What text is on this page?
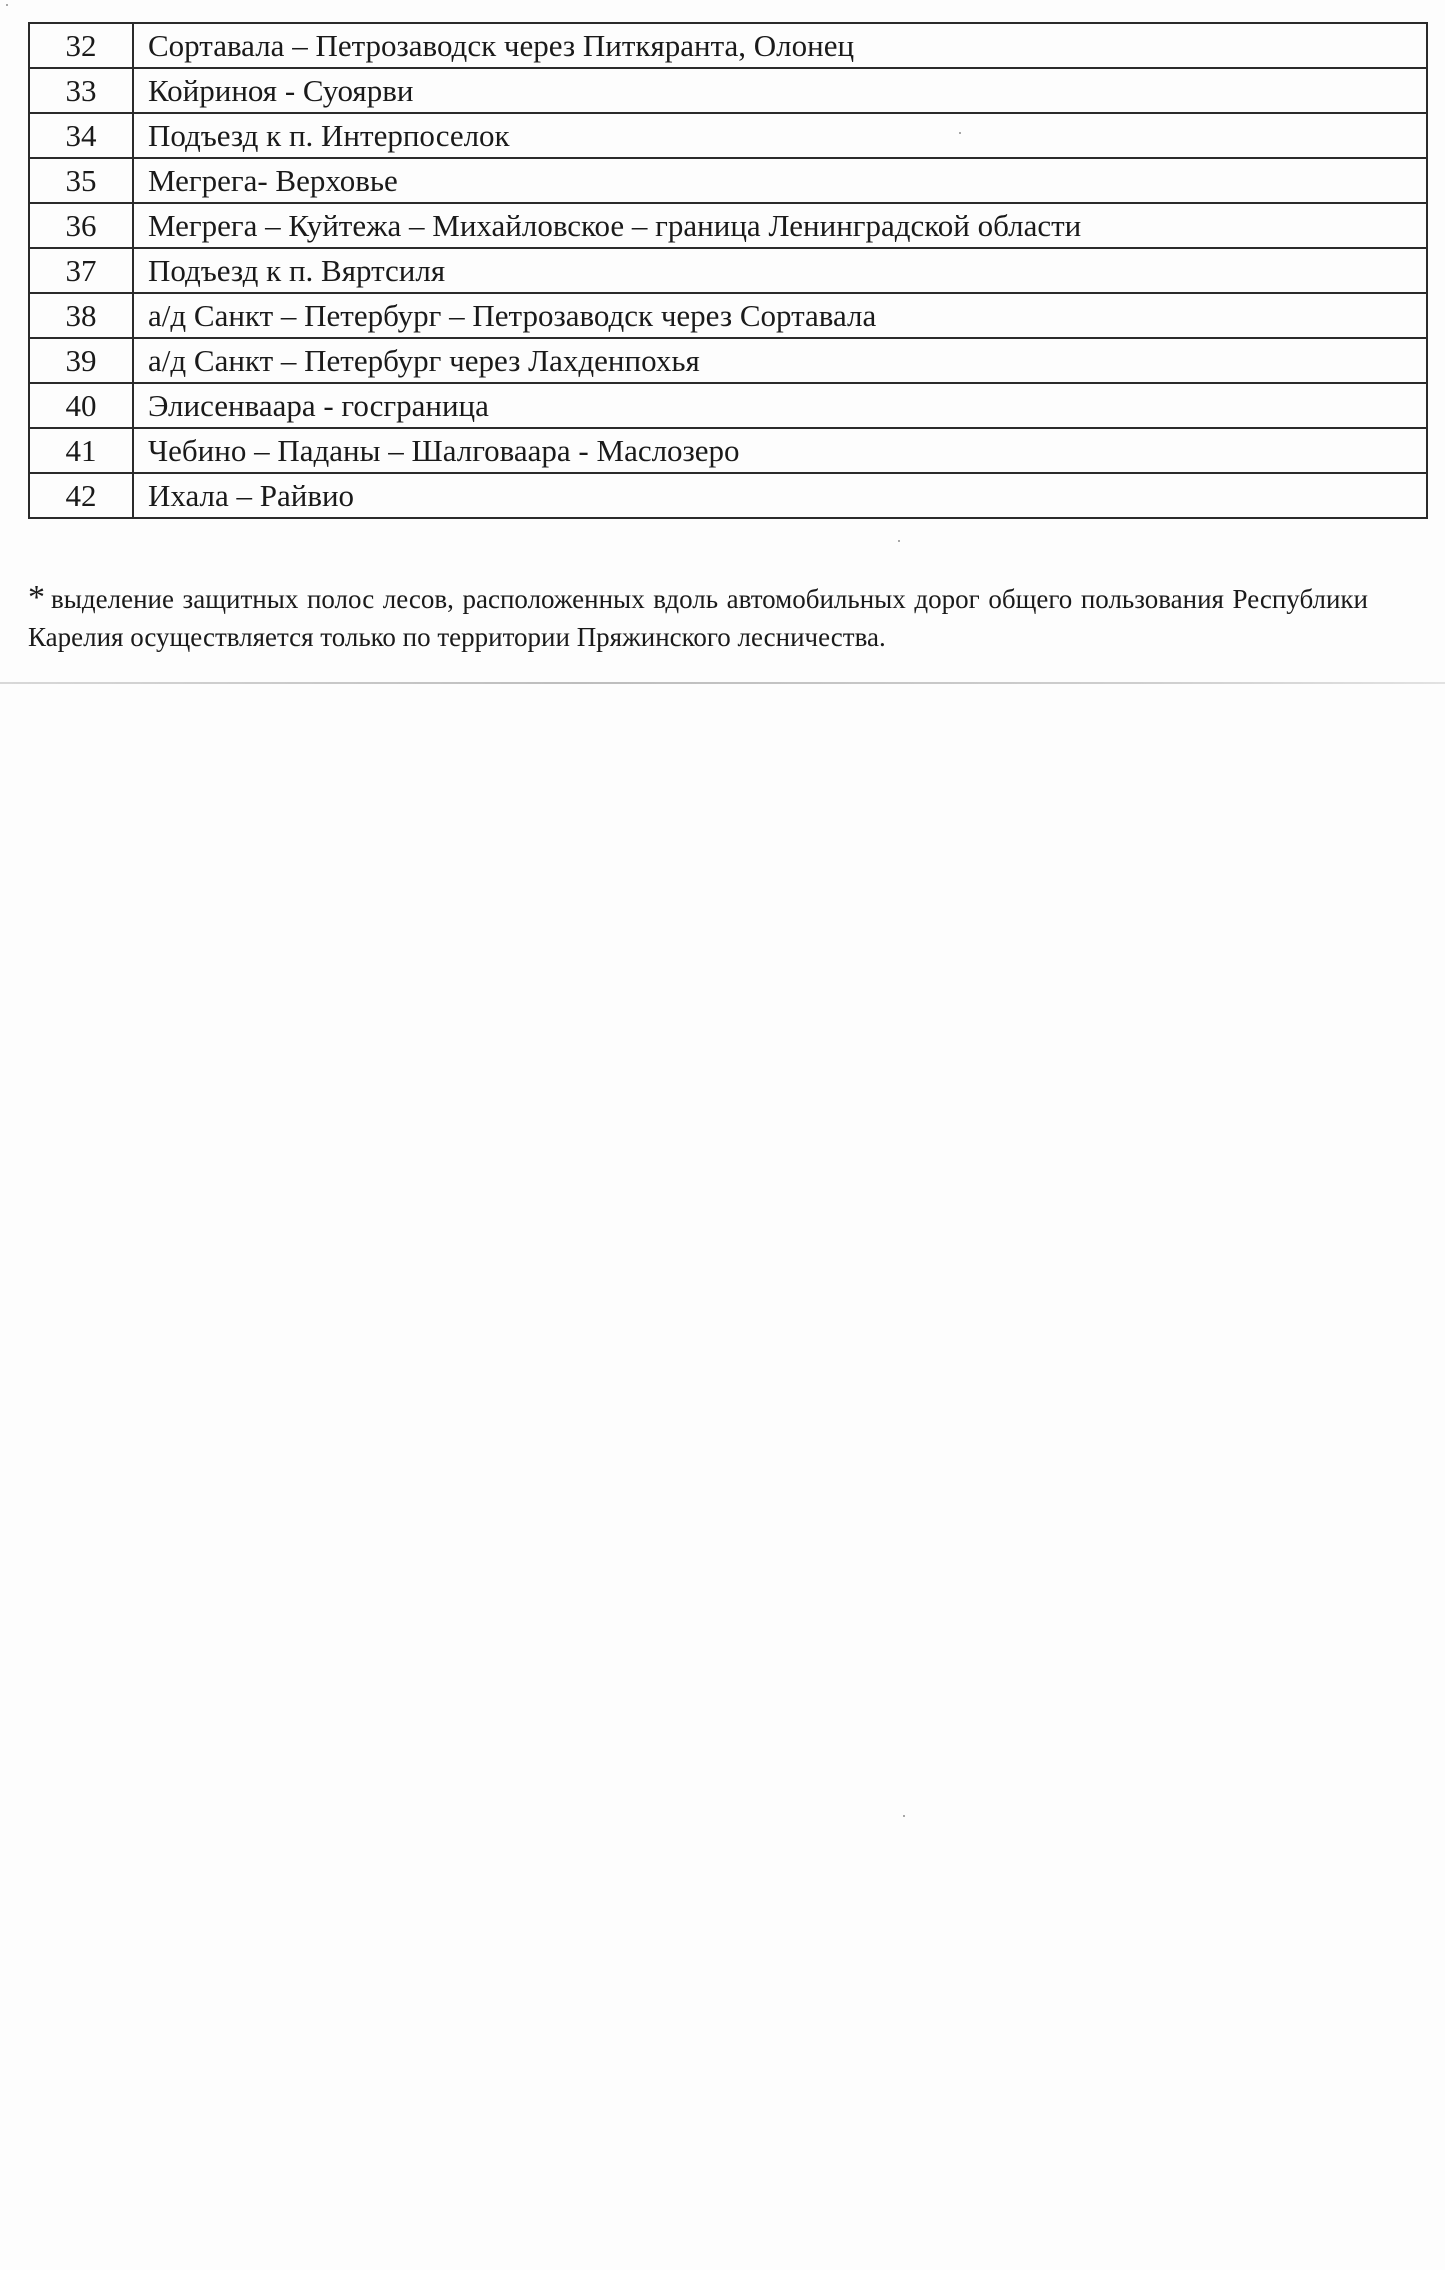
32	Сортавала – Петрозаводск через Питкяранта, Олонец
33	Койриноя - Суоярви
34	Подъезд к п. Интерпоселок
35	Мегрега- Верховье
36	Мегрега – Куйтежа – Михайловское – граница Ленинградской области
37	Подъезд к п. Вяртсиля
38	а/д Санкт – Петербург – Петрозаводск через Сортавала
39	а/д Санкт – Петербург через Лахденпохья
40	Элисенваара - госграница
41	Чебино – Паданы – Шалговаара - Маслозеро
42	Ихала – Райвио

* выделение защитных полос лесов, расположенных вдоль автомобильных дорог общего пользования Республики Карелия осуществляется только по территории Пряжинского лесничества.
